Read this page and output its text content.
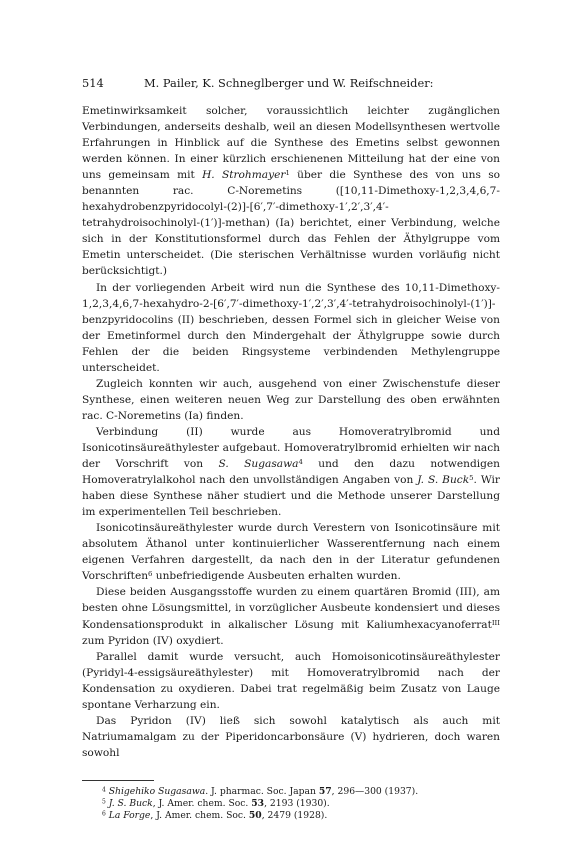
514	M. Pailer, K. Schneglberger und W. Reifschneider:

Emetinwirksamkeit solcher, voraussichtlich leichter zugänglichen Verbindungen, anderseits deshalb, weil an diesen Modellsynthesen wertvolle Erfahrungen in Hinblick auf die Synthese des Emetins selbst gewonnen werden können. In einer kürzlich erschienenen Mitteilung hat der eine von uns gemeinsam mit H. Strohmayer$^1$ über die Synthese des von uns so benannten rac. C-Noremetins ([10,11-Dimethoxy-1,2,3,4,6,7-hexahydrobenzpyridocolyl-(2)]-[6′,7′-dimethoxy-1′,2′,3′,4′-tetrahydroisochinolyl-(1′)]-methan) (Ia) berichtet, einer Verbindung, welche sich in der Konstitutionsformel durch das Fehlen der Äthylgruppe vom Emetin unterscheidet. (Die sterischen Verhältnisse wurden vorläufig nicht berücksichtigt.)

In der vorliegenden Arbeit wird nun die Synthese des 10,11-Dimethoxy-1,2,3,4,6,7-hexahydro-2-[6′,7′-dimethoxy-1′,2′,3′,4′-tetrahydroisochinolyl-(1′)]-benzpyridocolins (II) beschrieben, dessen Formel sich in gleicher Weise von der Emetinformel durch den Mindergehalt der Äthylgruppe sowie durch Fehlen der die beiden Ringsysteme verbindenden Methylengruppe unterscheidet.

Zugleich konnten wir auch, ausgehend von einer Zwischenstufe dieser Synthese, einen weiteren neuen Weg zur Darstellung des oben erwähnten rac. C-Noremetins (Ia) finden.

Verbindung (II) wurde aus Homoveratrylbromid und Isonicotinsäureäthylester aufgebaut. Homoveratrylbromid erhielten wir nach der Vorschrift von S. Sugasawa$^4$ und den dazu notwendigen Homoveratrylalkohol nach den unvollständigen Angaben von J. S. Buck$^5$. Wir haben diese Synthese näher studiert und die Methode unserer Darstellung im experimentellen Teil beschrieben.

Isonicotinsäureäthylester wurde durch Verestern von Isonicotinsäure mit absolutem Äthanol unter kontinuierlicher Wasserentfernung nach einem eigenen Verfahren dargestellt, da nach den in der Literatur gefundenen Vorschriften$^6$ unbefriedigende Ausbeuten erhalten wurden.

Diese beiden Ausgangsstoffe wurden zu einem quartären Bromid (III), am besten ohne Lösungsmittel, in vorzüglicher Ausbeute kondensiert und dieses Kondensationsprodukt in alkalischer Lösung mit Kaliumhexacyanoferrat$^{III}$ zum Pyridon (IV) oxydiert.

Parallel damit wurde versucht, auch Homoisonicotinsäureäthylester (Pyridyl-4-essigsäureäthylester) mit Homoveratrylbromid nach der Kondensation zu oxydieren. Dabei trat regelmäßig beim Zusatz von Lauge spontane Verharzung ein.

Das Pyridon (IV) ließ sich sowohl katalytisch als auch mit Natriumamalgam zu der Piperidoncarbonsäure (V) hydrieren, doch waren sowohl

$^4$ Shigehiko Sugasawa. J. pharmac. Soc. Japan 57, 296—300 (1937).
$^5$ J. S. Buck, J. Amer. chem. Soc. 53, 2193 (1930).
$^6$ La Forge, J. Amer. chem. Soc. 50, 2479 (1928).
